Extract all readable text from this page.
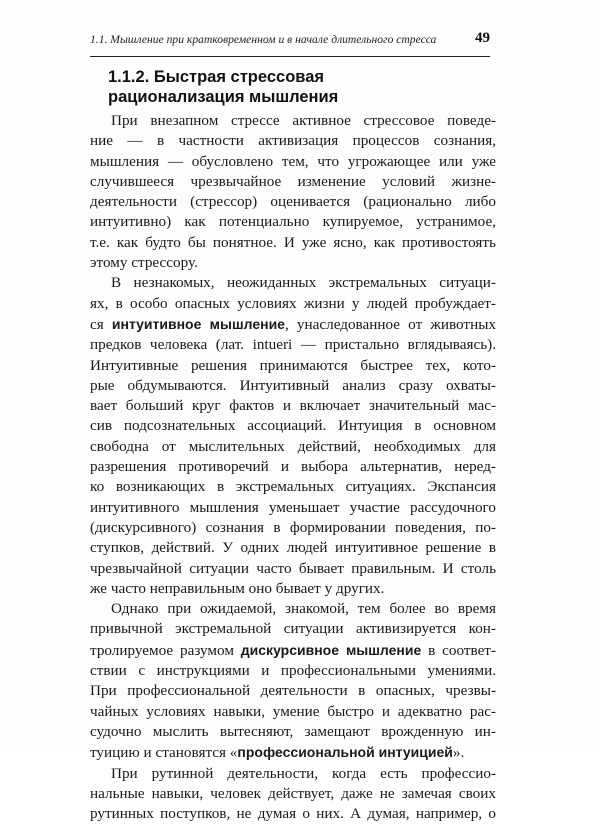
1.1. Мышление при кратковременном и в начале длительного стресса	49
1.1.2. Быстрая стрессовая
рационализация мышления

При внезапном стрессе активное стрессовое поведе-

ние — в частности активизация процессов сознания,

мышления — обусловлено тем, что угрожающее или уже

случившееся чрезвычайное изменение условий жизне-

деятельности (стрессор) оценивается (рационально либо

интуитивно) как потенциально купируемое, устранимое,

т.е. как будто бы понятное. И уже ясно, как противостоять

этому стрессору.

В незнакомых, неожиданных экстремальных ситуаци-

ях, в особо опасных условиях жизни у людей пробуждает-

ся интуитивное мышление, унаследованное от животных

предков человека (лат. intueri — пристально вглядываясь).

Интуитивные решения принимаются быстрее тех, кото-

рые обдумываются. Интуитивный анализ сразу охваты-

вает больший круг фактов и включает значительный мас-

сив подсознательных ассоциаций. Интуиция в основном

свободна от мыслительных действий, необходимых для

разрешения противоречий и выбора альтернатив, неред-

ко возникающих в экстремальных ситуациях. Экспансия

интуитивного мышления уменьшает участие рассудочного

(дискурсивного) сознания в формировании поведения, по-

ступков, действий. У одних людей интуитивное решение в

чрезвычайной ситуации часто бывает правильным. И столь

же часто неправильным оно бывает у других.

Однако при ожидаемой, знакомой, тем более во время

привычной экстремальной ситуации активизируется кон-

тролируемое разумом дискурсивное мышление в соответ-

ствии с инструкциями и профессиональными умениями.

При профессиональной деятельности в опасных, чрезвы-

чайных условиях навыки, умение быстро и адекватно рас-

судочно мыслить вытесняют, замещают врожденную ин-

туицию и становятся «профессиональной интуицией».

При рутинной деятельности, когда есть профессио-

нальные навыки, человек действует, даже не замечая своих

рутинных поступков, не думая о них. А думая, например, о
